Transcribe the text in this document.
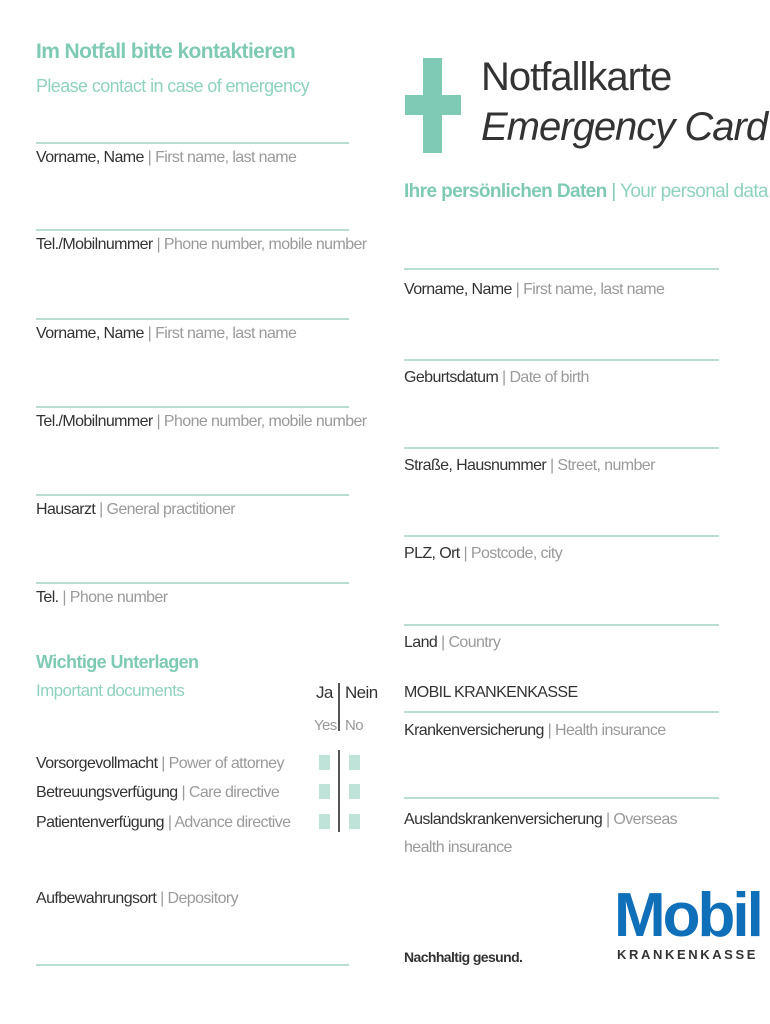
Im Notfall bitte kontaktieren
Please contact in case of emergency
Vorname, Name | First name, last name
Tel./Mobilnummer | Phone number, mobile number
Vorname, Name | First name, last name
Tel./Mobilnummer | Phone number, mobile number
Hausarzt | General practitioner
Tel. | Phone number
Wichtige Unterlagen
Important documents	Ja Nein
Yes No
Vorsorgevollmacht | Power of attorney
Betreuungsverfügung | Care directive
Patientenverfügung | Advance directive
Aufbewahrungsort | Depository
Notfallkarte
Emergency Card
Ihre persönlichen Daten | Your personal data
Vorname, Name | First name, last name
Geburtsdatum | Date of birth
Straße, Hausnummer | Street, number
PLZ, Ort | Postcode, city
Land | Country
MOBIL KRANKENKASSE
Krankenversicherung | Health insurance
Auslandskrankenversicherung | Overseas
health insurance
Nachhaltig gesund.
Mobil
KRANKENKASSE
